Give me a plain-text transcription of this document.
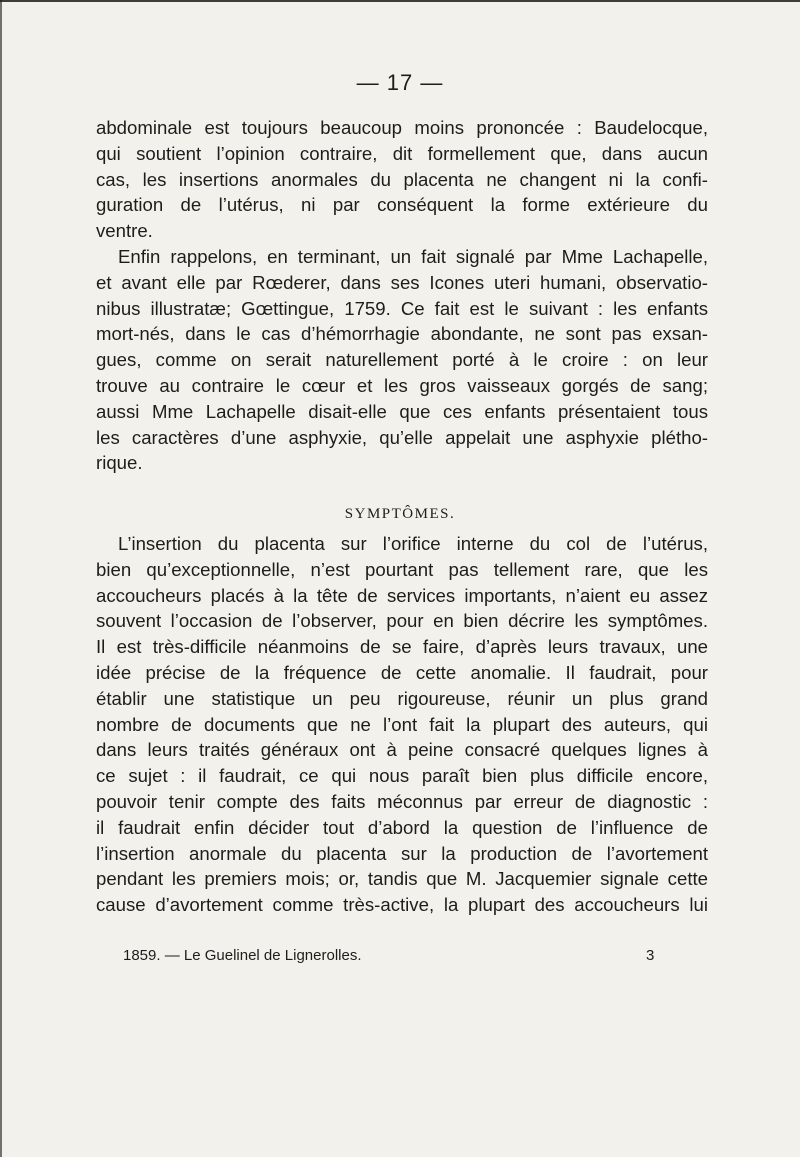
— 17 —
abdominale est toujours beaucoup moins prononcée : Baudelocque,
qui soutient l’opinion contraire, dit formellement que, dans aucun
cas, les insertions anormales du placenta ne changent ni la confi-
guration de l’utérus, ni par conséquent la forme extérieure du
ventre.
Enfin rappelons, en terminant, un fait signalé par Mme Lachapelle,
et avant elle par Rœderer, dans ses Icones uteri humani, observatio-
nibus illustratæ; Gœttingue, 1759. Ce fait est le suivant : les enfants
mort-nés, dans le cas d’hémorrhagie abondante, ne sont pas exsan-
gues, comme on serait naturellement porté à le croire : on leur
trouve au contraire le cœur et les gros vaisseaux gorgés de sang;
aussi Mme Lachapelle disait-elle que ces enfants présentaient tous
les caractères d’une asphyxie, qu’elle appelait une asphyxie plétho-
rique.
SYMPTÔMES.
L’insertion du placenta sur l’orifice interne du col de l’utérus,
bien qu’exceptionnelle, n’est pourtant pas tellement rare, que les
accoucheurs placés à la tête de services importants, n’aient eu assez
souvent l’occasion de l’observer, pour en bien décrire les symptômes.
Il est très-difficile néanmoins de se faire, d’après leurs travaux, une
idée précise de la fréquence de cette anomalie. Il faudrait, pour
établir une statistique un peu rigoureuse, réunir un plus grand
nombre de documents que ne l’ont fait la plupart des auteurs, qui
dans leurs traités généraux ont à peine consacré quelques lignes à
ce sujet : il faudrait, ce qui nous paraît bien plus difficile encore,
pouvoir tenir compte des faits méconnus par erreur de diagnostic :
il faudrait enfin décider tout d’abord la question de l’influence de
l’insertion anormale du placenta sur la production de l’avortement
pendant les premiers mois; or, tandis que M. Jacquemier signale cette
cause d’avortement comme très-active, la plupart des accoucheurs lui
1859. — Le Guelinel de Lignerolles.	3
